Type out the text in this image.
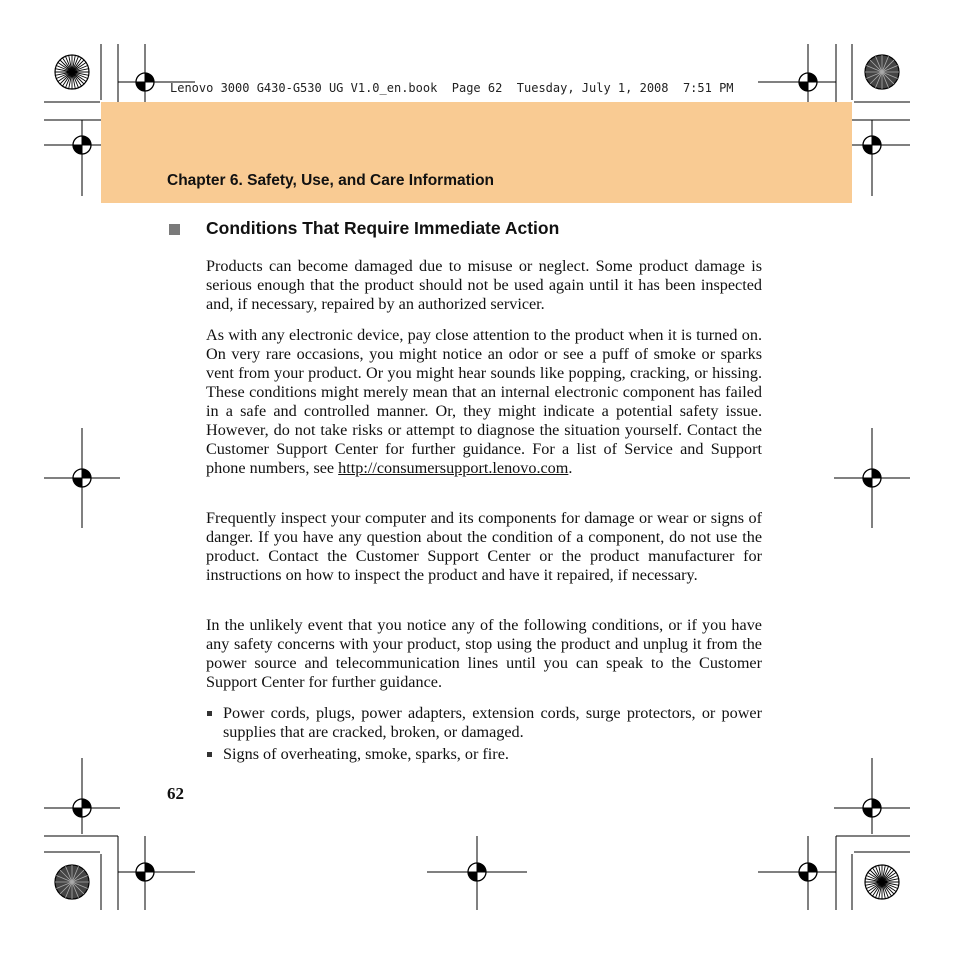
Lenovo 3000 G430-G530 UG V1.0_en.book  Page 62  Tuesday, July 1, 2008  7:51 PM
Chapter 6. Safety, Use, and Care Information
Conditions That Require Immediate Action

Products can become damaged due to misuse or neglect. Some product damage is serious enough that the product should not be used again until it has been inspected and, if necessary, repaired by an authorized servicer.

As with any electronic device, pay close attention to the product when it is turned on. On very rare occasions, you might notice an odor or see a puff of smoke or sparks vent from your product. Or you might hear sounds like popping, cracking, or hissing. These conditions might merely mean that an internal electronic component has failed in a safe and controlled manner. Or, they might indicate a potential safety issue. However, do not take risks or attempt to diagnose the situation yourself. Contact the Customer Support Center for further guidance. For a list of Service and Support phone numbers, see http://consumersupport.lenovo.com.

Frequently inspect your computer and its components for damage or wear or signs of danger. If you have any question about the condition of a component, do not use the product. Contact the Customer Support Center or the product manufacturer for instructions on how to inspect the product and have it repaired, if necessary.

In the unlikely event that you notice any of the following conditions, or if you have any safety concerns with your product, stop using the product and unplug it from the power source and telecommunication lines until you can speak to the Customer Support Center for further guidance.

Power cords, plugs, power adapters, extension cords, surge protectors, or power supplies that are cracked, broken, or damaged.
Signs of overheating, smoke, sparks, or fire.
62
